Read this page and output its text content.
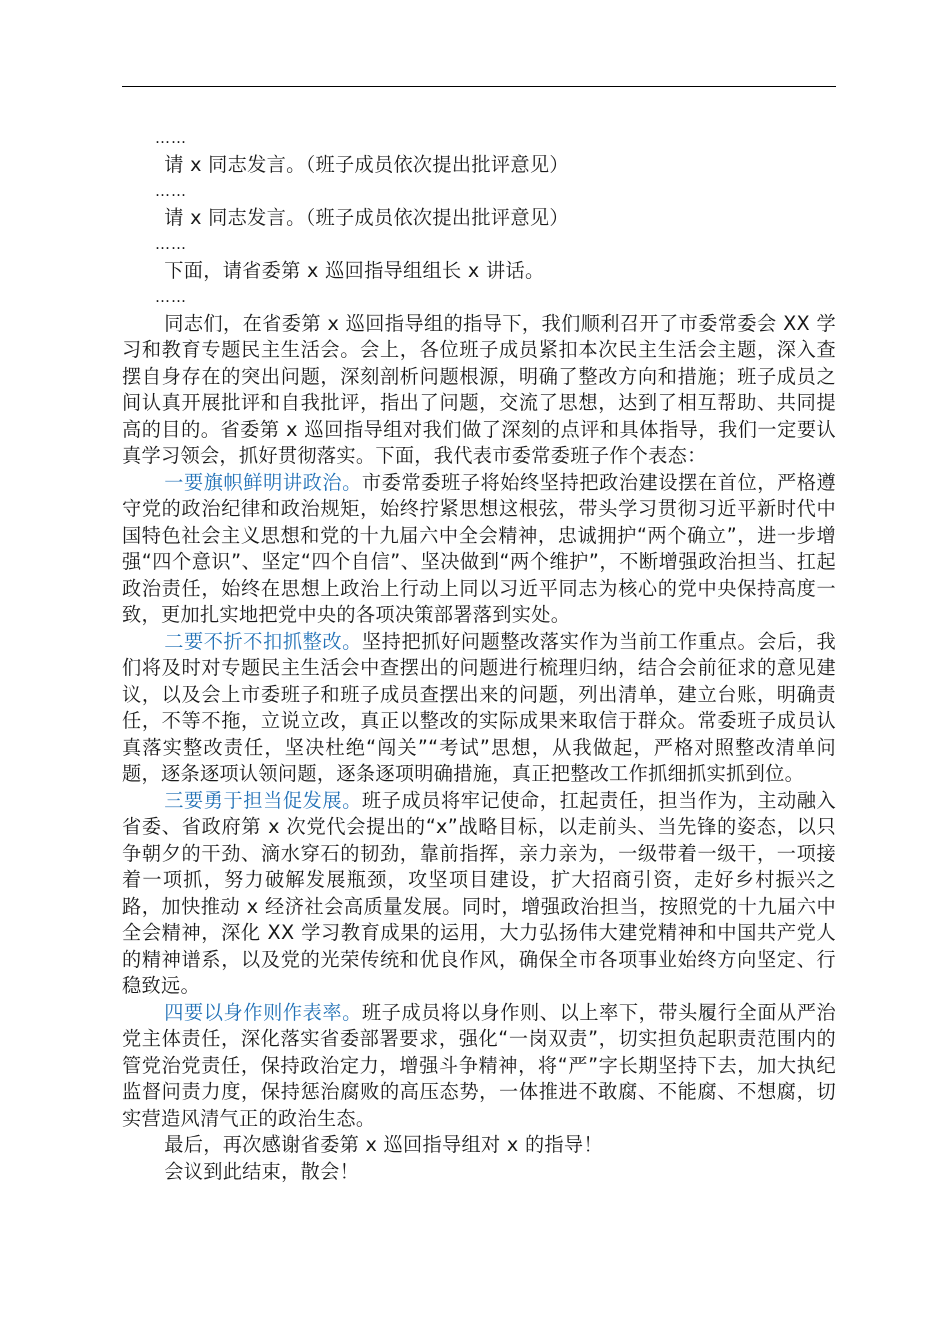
……

请 x 同志发言。（班子成员依次提出批评意见）

……

请 x 同志发言。（班子成员依次提出批评意见）

……

下面，请省委第 x 巡回指导组组长 x 讲话。

……

同志们，在省委第 x 巡回指导组的指导下，我们顺利召开了市委常委会 XX 学习和教育专题民主生活会。会上，各位班子成员紧扣本次民主生活会主题，深入查摆自身存在的突出问题，深刻剖析问题根源，明确了整改方向和措施；班子成员之间认真开展批评和自我批评，指出了问题，交流了思想，达到了相互帮助、共同提高的目的。省委第 x 巡回指导组对我们做了深刻的点评和具体指导，我们一定要认真学习领会，抓好贯彻落实。下面，我代表市委常委班子作个表态：

一要旗帜鲜明讲政治。市委常委班子将始终坚持把政治建设摆在首位，严格遵守党的政治纪律和政治规矩，始终拧紧思想这根弦，带头学习贯彻习近平新时代中国特色社会主义思想和党的十九届六中全会精神，忠诚拥护“两个确立”，进一步增强“四个意识”、坚定“四个自信”、坚决做到“两个维护”，不断增强政治担当、扛起政治责任，始终在思想上政治上行动上同以习近平同志为核心的党中央保持高度一致，更加扎实地把党中央的各项决策部署落到实处。

二要不折不扣抓整改。坚持把抓好问题整改落实作为当前工作重点。会后，我们将及时对专题民主生活会中查摆出的问题进行梳理归纳，结合会前征求的意见建议，以及会上市委班子和班子成员查摆出来的问题，列出清单，建立台账，明确责任，不等不拖，立说立改，真正以整改的实际成果来取信于群众。常委班子成员认真落实整改责任，坚决杜绝“闯关”“考试”思想，从我做起，严格对照整改清单问题，逐条逐项认领问题，逐条逐项明确措施，真正把整改工作抓细抓实抓到位。

三要勇于担当促发展。班子成员将牢记使命，扛起责任，担当作为，主动融入省委、省政府第 x 次党代会提出的“x”战略目标，以走前头、当先锋的姿态，以只争朝夕的干劲、滴水穿石的韧劲，靠前指挥，亲力亲为，一级带着一级干，一项接着一项抓，努力破解发展瓶颈，攻坚项目建设，扩大招商引资，走好乡村振兴之路，加快推动 x 经济社会高质量发展。同时，增强政治担当，按照党的十九届六中全会精神，深化 XX 学习教育成果的运用，大力弘扬伟大建党精神和中国共产党人的精神谱系，以及党的光荣传统和优良作风，确保全市各项事业始终方向坚定、行稳致远。

四要以身作则作表率。班子成员将以身作则、以上率下，带头履行全面从严治党主体责任，深化落实省委部署要求，强化“一岗双责”，切实担负起职责范围内的管党治党责任，保持政治定力，增强斗争精神，将“严”字长期坚持下去，加大执纪监督问责力度，保持惩治腐败的高压态势，一体推进不敢腐、不能腐、不想腐，切实营造风清气正的政治生态。

最后，再次感谢省委第 x 巡回指导组对 x 的指导！

会议到此结束，散会！
